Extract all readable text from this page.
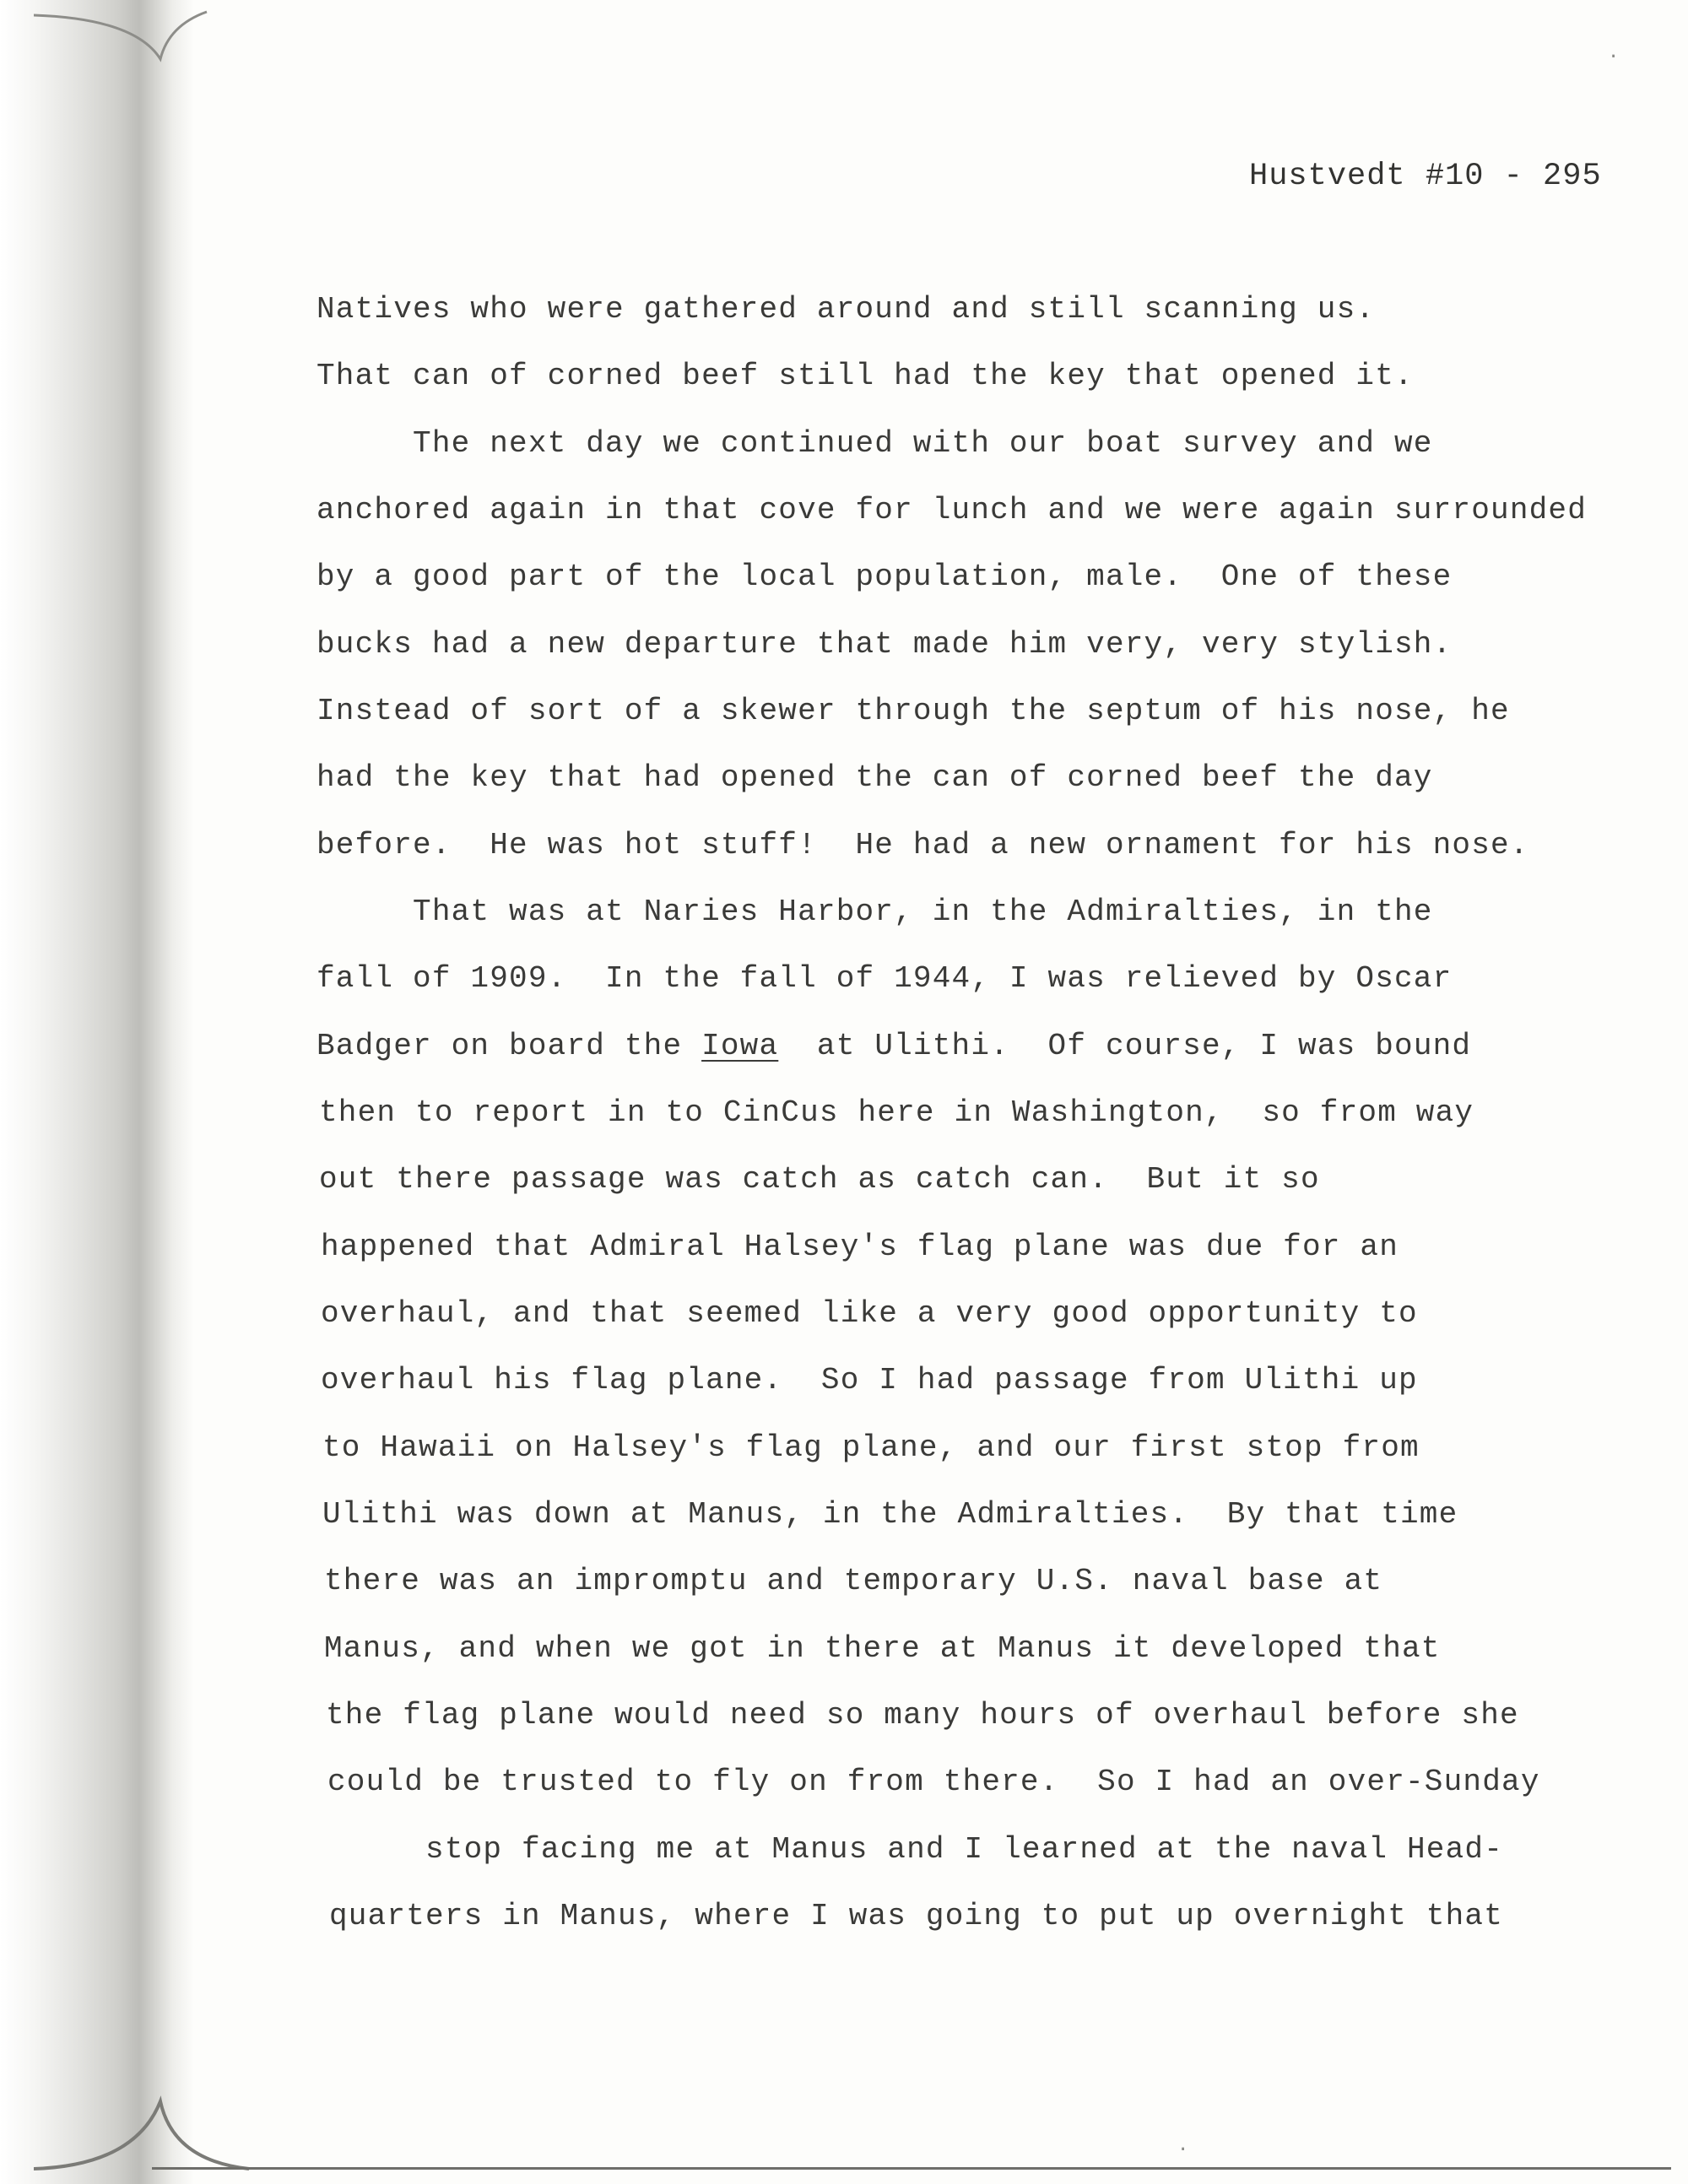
·
·
Hustvedt #10 - 295
Natives who were gathered around and still scanning us.
That can of corned beef still had the key that opened it.
The next day we continued with our boat survey and we
anchored again in that cove for lunch and we were again surrounded
by a good part of the local population, male.  One of these
bucks had a new departure that made him very, very stylish.
Instead of sort of a skewer through the septum of his nose, he
had the key that had opened the can of corned beef the day
before.  He was hot stuff!  He had a new ornament for his nose.
That was at Naries Harbor, in the Admiralties, in the
fall of 1909.  In the fall of 1944, I was relieved by Oscar
Badger on board the Iowa  at Ulithi.  Of course, I was bound
then to report in to CinCus here in Washington,  so from way
out there passage was catch as catch can.  But it so
happened that Admiral Halsey's flag plane was due for an
overhaul, and that seemed like a very good opportunity to
overhaul his flag plane.  So I had passage from Ulithi up
to Hawaii on Halsey's flag plane, and our first stop from
Ulithi was down at Manus, in the Admiralties.  By that time
there was an impromptu and temporary U.S. naval base at
Manus, and when we got in there at Manus it developed that
the flag plane would need so many hours of overhaul before she
could be trusted to fly on from there.  So I had an over-Sunday
stop facing me at Manus and I learned at the naval Head-
quarters in Manus, where I was going to put up overnight that
